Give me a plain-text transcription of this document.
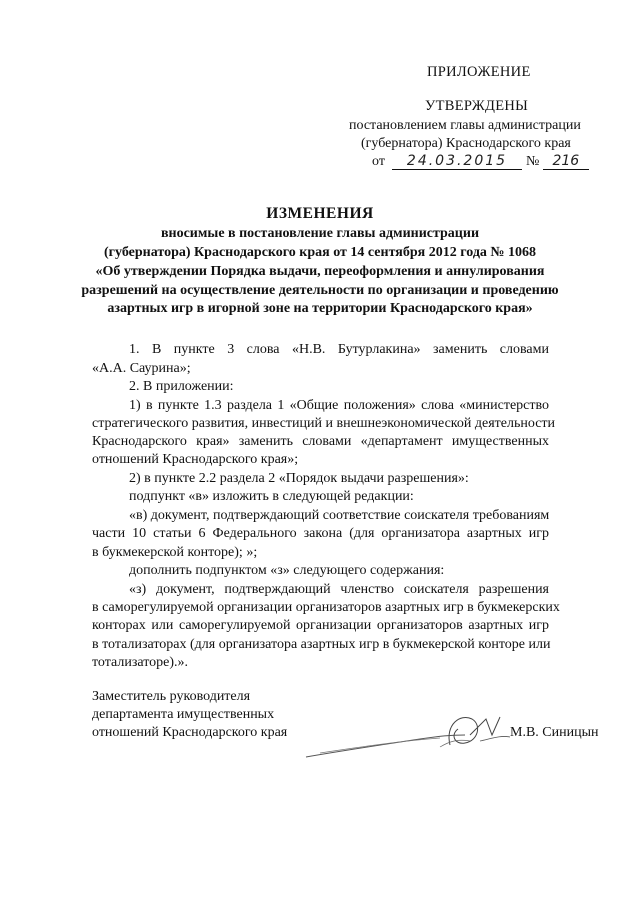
ПРИЛОЖЕНИЕ
УТВЕРЖДЕНЫ
постановлением главы администрации
(губернатора) Краснодарского края
от 24.03.2015 № 216
ИЗМЕНЕНИЯ
вносимые в постановление главы администрации
(губернатора) Краснодарского края от 14 сентября 2012 года № 1068
«Об утверждении Порядка выдачи, переоформления и аннулирования
разрешений на осуществление деятельности по организации и проведению
азартных игр в игорной зоне на территории Краснодарского края»
1. В пункте 3 слова «Н.В. Бутурлакина» заменить словами
«А.А. Саурина»;
2. В приложении:
1) в пункте 1.3 раздела 1 «Общие положения» слова «министерство
стратегического развития, инвестиций и внешнеэкономической деятельности
Краснодарского края» заменить словами «департамент имущественных
отношений Краснодарского края»;
2) в пункте 2.2 раздела 2 «Порядок выдачи разрешения»:
подпункт «в» изложить в следующей редакции:
«в) документ, подтверждающий соответствие соискателя требованиям
части 10 статьи 6 Федерального закона (для организатора азартных игр
в букмекерской конторе); »;
дополнить подпунктом «з» следующего содержания:
«з) документ, подтверждающий членство соискателя разрешения
в саморегулируемой организации организаторов азартных игр в букмекерских
конторах или саморегулируемой организации организаторов азартных игр
в тотализаторах (для организатора азартных игр в букмекерской конторе или
тотализаторе).».
Заместитель руководителя
департамента имущественных
отношений Краснодарского края	М.В. Синицын
